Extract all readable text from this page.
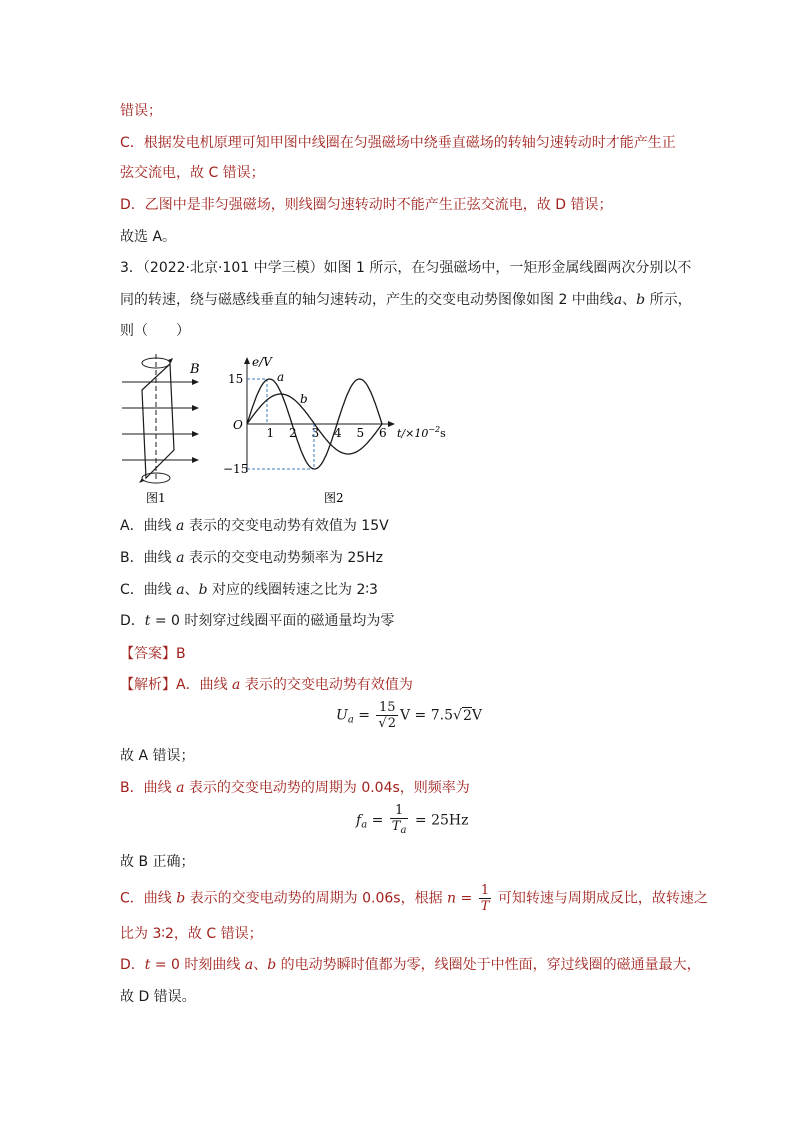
错误；
C．根据发电机原理可知甲图中线圈在匀强磁场中绕垂直磁场的转轴匀速转动时才能产生正
弦交流电，故 C 错误；
D．乙图中是非匀强磁场，则线圈匀速转动时不能产生正弦交流电，故 D 错误；
故选 A。
3．（2022·北京·101 中学三模）如图 1 所示，在匀强磁场中，一矩形金属线圈两次分别以不
同的转速，绕与磁感线垂直的轴匀速转动，产生的交变电动势图像如图 2 中曲线a、b 所示，
则（　　）
B
图1
e/V
O
15
−15
1 2 3 4 5 6
a
b
$t/\times 10^{-2}s$
图2
A．曲线 a 表示的交变电动势有效值为 15V
B．曲线 a 表示的交变电动势频率为 25Hz
C．曲线 a、b 对应的线圈转速之比为 2∶3
D．t = 0 时刻穿过线圈平面的磁通量均为零
【答案】B
【解析】A．曲线 a 表示的交变电动势有效值为
$U_a = \frac{15}{√2}$ V = 7.5√2V
故 A 错误；
B．曲线 a 表示的交变电动势的周期为 0.04s，则频率为
$f_a = \frac{1}{T_a} = 25Hz$
故 B 正确；
C．曲线 b 表示的交变电动势的周期为 0.06s，根据 $n = \frac{1}{T}$ 可知转速与周期成反比，故转速之
比为 3∶2，故 C 错误；
D．t = 0 时刻曲线 a、b 的电动势瞬时值都为零，线圈处于中性面，穿过线圈的磁通量最大，
故 D 错误。
